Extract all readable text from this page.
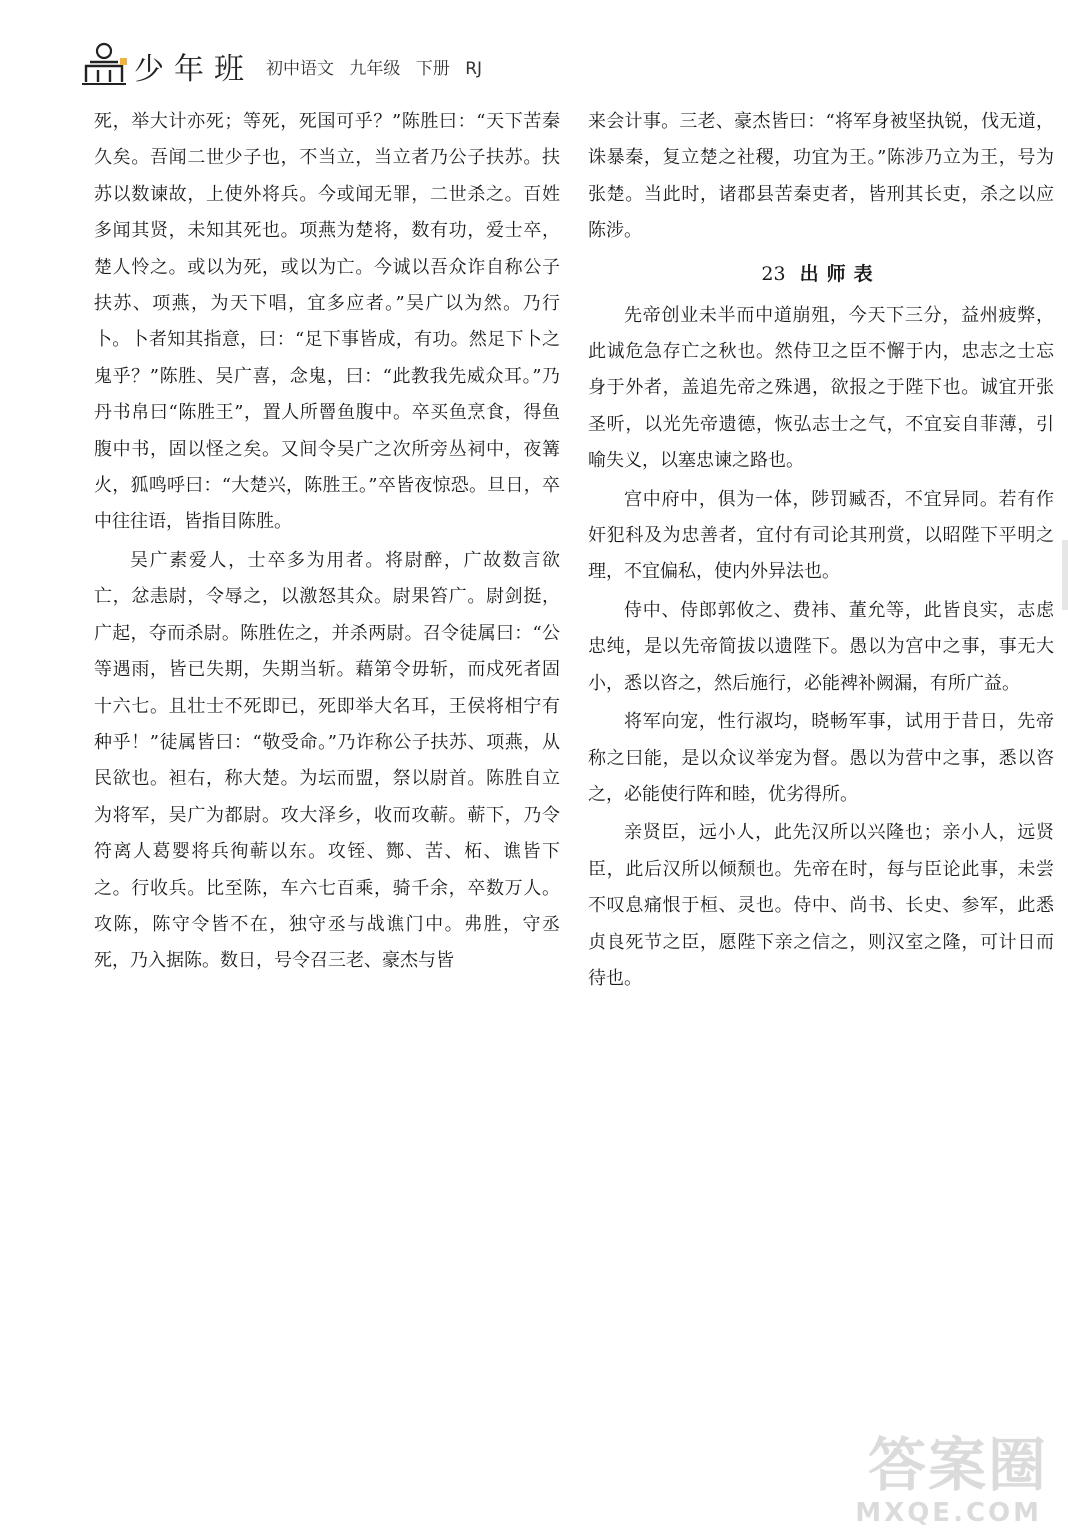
少年班 初中语文 九年级 下册 RJ

死，举大计亦死；等死，死国可乎？”陈胜曰：“天下苦秦久矣。吾闻二世少子也，不当立，当立者乃公子扶苏。扶苏以数谏故，上使外将兵。今或闻无罪，二世杀之。百姓多闻其贤，未知其死也。项燕为楚将，数有功，爱士卒，楚人怜之。或以为死，或以为亡。今诚以吾众诈自称公子扶苏、项燕，为天下唱，宜多应者。”吴广以为然。乃行卜。卜者知其指意，曰：“足下事皆成，有功。然足下卜之鬼乎？”陈胜、吴广喜，念鬼，曰：“此教我先威众耳。”乃丹书帛曰“陈胜王”，置人所罾鱼腹中。卒买鱼烹食，得鱼腹中书，固以怪之矣。又间令吴广之次所旁丛祠中，夜篝火，狐鸣呼曰：“大楚兴，陈胜王。”卒皆夜惊恐。旦日，卒中往往语，皆指目陈胜。

吴广素爱人，士卒多为用者。将尉醉，广故数言欲亡，忿恚尉，令辱之，以激怒其众。尉果笞广。尉剑挺，广起，夺而杀尉。陈胜佐之，并杀两尉。召令徒属曰：“公等遇雨，皆已失期，失期当斩。藉第令毋斩，而戍死者固十六七。且壮士不死即已，死即举大名耳，王侯将相宁有种乎！”徒属皆曰：“敬受命。”乃诈称公子扶苏、项燕，从民欲也。袒右，称大楚。为坛而盟，祭以尉首。陈胜自立为将军，吴广为都尉。攻大泽乡，收而攻蕲。蕲下，乃令符离人葛婴将兵徇蕲以东。攻铚、酂、苦、柘、谯皆下之。行收兵。比至陈，车六七百乘，骑千余，卒数万人。攻陈，陈守令皆不在，独守丞与战谯门中。弗胜，守丞死，乃入据陈。数日，号令召三老、豪杰与皆

来会计事。三老、豪杰皆曰：“将军身被坚执锐，伐无道，诛暴秦，复立楚之社稷，功宜为王。”陈涉乃立为王，号为张楚。当此时，诸郡县苦秦吏者，皆刑其长吏，杀之以应陈涉。

23 出师表

先帝创业未半而中道崩殂，今天下三分，益州疲弊，此诚危急存亡之秋也。然侍卫之臣不懈于内，忠志之士忘身于外者，盖追先帝之殊遇，欲报之于陛下也。诚宜开张圣听，以光先帝遗德，恢弘志士之气，不宜妄自菲薄，引喻失义，以塞忠谏之路也。

宫中府中，俱为一体，陟罚臧否，不宜异同。若有作奸犯科及为忠善者，宜付有司论其刑赏，以昭陛下平明之理，不宜偏私，使内外异法也。

侍中、侍郎郭攸之、费祎、董允等，此皆良实，志虑忠纯，是以先帝简拔以遗陛下。愚以为宫中之事，事无大小，悉以咨之，然后施行，必能裨补阙漏，有所广益。

将军向宠，性行淑均，晓畅军事，试用于昔日，先帝称之曰能，是以众议举宠为督。愚以为营中之事，悉以咨之，必能使行阵和睦，优劣得所。

亲贤臣，远小人，此先汉所以兴隆也；亲小人，远贤臣，此后汉所以倾颓也。先帝在时，每与臣论此事，未尝不叹息痛恨于桓、灵也。侍中、尚书、长史、参军，此悉贞良死节之臣，愿陛下亲之信之，则汉室之隆，可计日而待也。

答案圈
MXQE.COM
